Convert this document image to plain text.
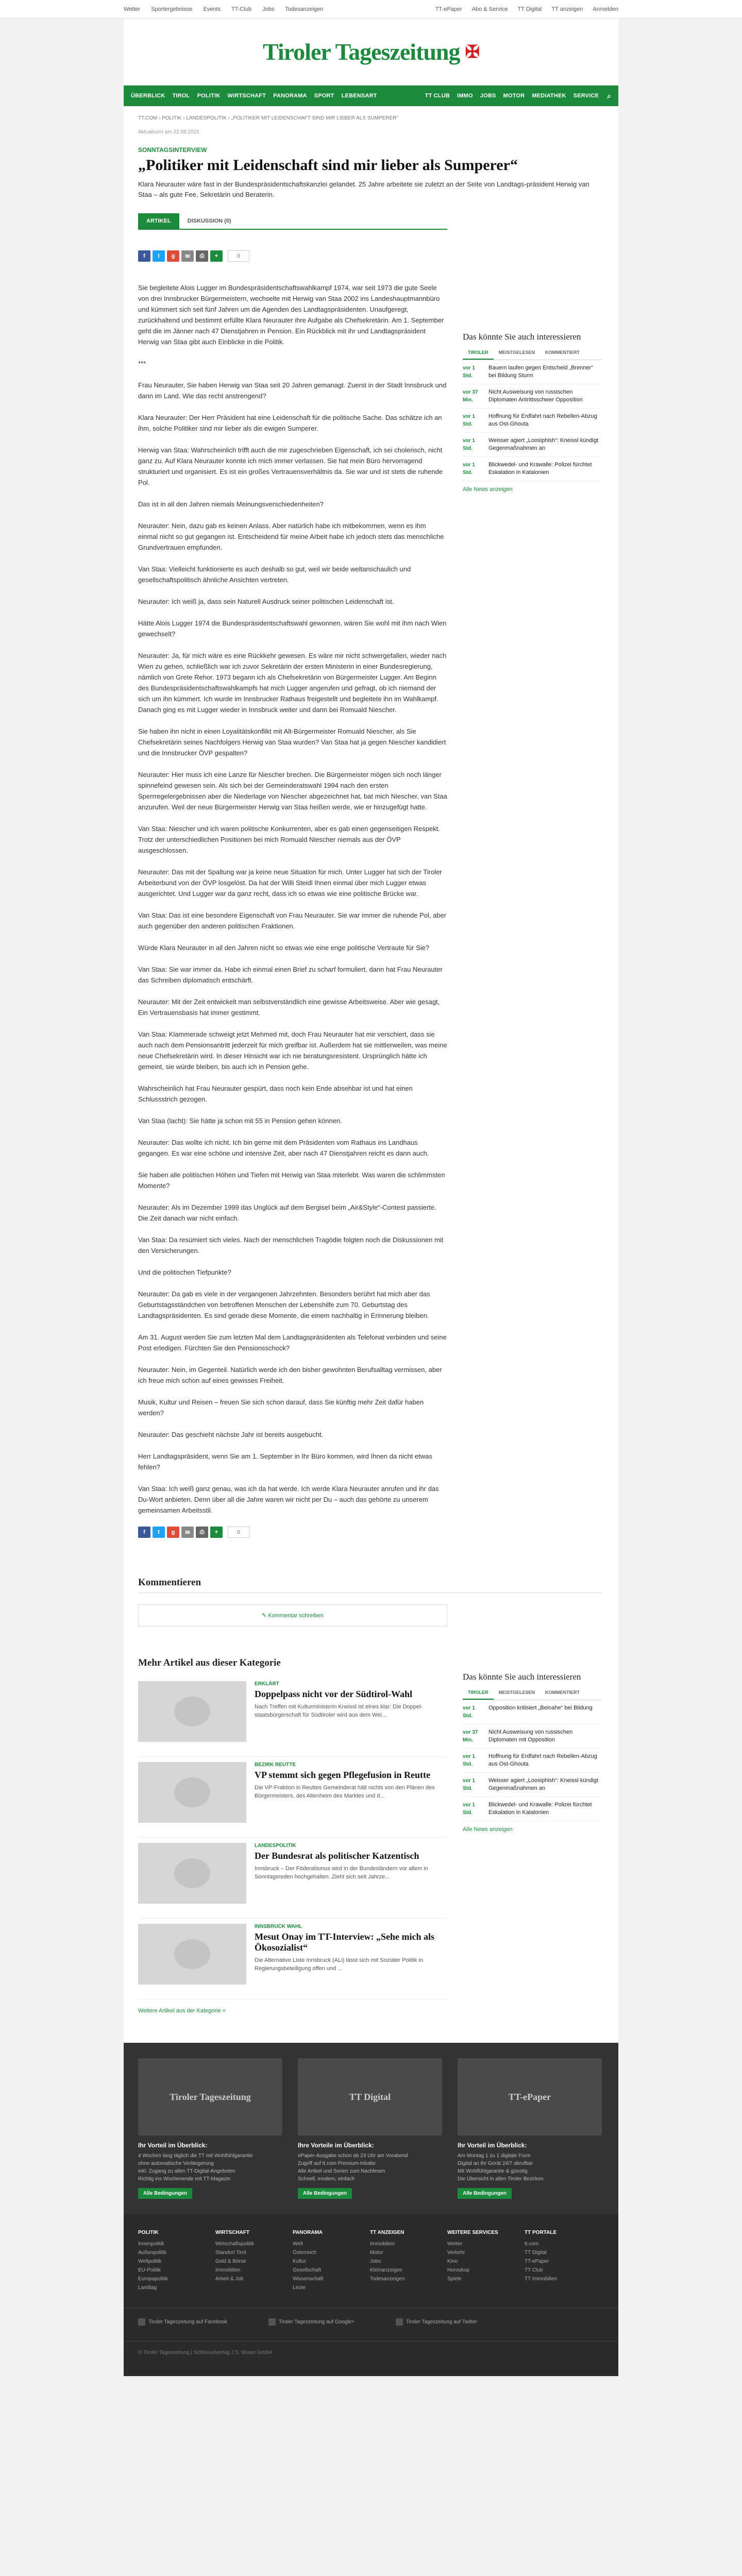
Wetter Sportergebnisse Events TT-Club Jobs Todesanzeigen	TT-ePaper Abo & Service TT Digital TT anzeigen Anmelden
Tiroler Tageszeitung ✠
ÜBERBLICK TIROL POLITIK WIRTSCHAFT PANORAMA SPORT LEBENSART	TT CLUB IMMO JOBS MOTOR MEDIATHEK SERVICE ⌕
TT.COM › POLITIK › LANDESPOLITIK › „POLITIKER MIT LEIDENSCHAFT SIND MIR LIEBER ALS SUMPERER“
Aktualisiert am 22.08.2015
SONNTAGSINTERVIEW
„Politiker mit Leidenschaft sind mir lieber als Sumperer“

Klara Neurauter wäre fast in der Bundespräsidentschaftskanzlei gelandet. 25 Jahre arbeitete sie zuletzt an der Seite von Landtags-präsident Herwig van Staa – als gute Fee, Sekretärin und Beraterin.

ARTIKEL	DISKUSSION (0)
f	t	g	✉	⎙	+	0

Sie begleitete Alois Lugger im Bundespräsidentschaftswahlkampf 1974, war seit 1973 die gute Seele von drei Innsbrucker Bürgermeistern, wechselte mit Herwig van Staa 2002 ins Landeshauptmannbüro und kümmert sich seit fünf Jahren um die Agenden des Landtagspräsidenten. Unaufgeregt, zurückhaltend und bestimmt erfüllte Klara Neurauter ihre Aufgabe als Chefsekretärin. Am 1. September geht die im Jänner nach 47 Dienstjahren in Pension. Ein Rückblick mit ihr und Landtagspräsident Herwig van Staa gibt auch Einblicke in die Politik.

***

Frau Neurauter, Sie haben Herwig van Staa seit 20 Jahren gemanagt. Zuerst in der Stadt Innsbruck und dann im Land. Wie das recht anstrengend?

Klara Neurauter: Der Herr Präsident hat eine Leidenschaft für die politische Sache. Das schätze ich an ihm, solche Politiker sind mir lieber als die ewigen Sumperer.

Herwig van Staa: Wahrscheinlich trifft auch die mir zugeschrieben Eigenschaft, ich sei cholerisch, nicht ganz zu. Auf Klara Neurauter konnte ich mich immer verlassen. Sie hat mein Büro hervorragend strukturiert und organisiert. Es ist ein großes Vertrauensverhältnis da. Sie war und ist stets die ruhende Pol.

Das ist in all den Jahren niemals Meinungsverschiedenheiten?

Neurauter: Nein, dazu gab es keinen Anlass. Aber natürlich habe ich mitbekommen, wenn es ihm einmal nicht so gut gegangen ist. Entscheidend für meine Arbeit habe ich jedoch stets das menschliche Grundvertrauen empfunden.

Van Staa: Vielleicht funktionierte es auch deshalb so gut, weil wir beide weltanschaulich und gesellschaftspolitisch ähnliche Ansichten vertreten.

Neurauter: Ich weiß ja, dass sein Naturell Ausdruck seiner politischen Leidenschaft ist.

Hätte Alois Lugger 1974 die Bundespräsidentschaftswahl gewonnen, wären Sie wohl mit ihm nach Wien gewechselt?

Neurauter: Ja, für mich wäre es eine Rückkehr gewesen. Es wäre mir nicht schwergefallen, wieder nach Wien zu gehen, schließlich war ich zuvor Sekretärin der ersten Ministerin in einer Bundesregierung, nämlich von Grete Rehor. 1973 begann ich als Chefsekretärin von Bürgermeister Lugger. Am Beginn des Bundespräsidentschaftswahlkampfs hat mich Lugger angerufen und gefragt, ob ich niemand der sich um ihn kümmert. Ich wurde im Innsbrucker Rathaus freigestellt und begleitete ihn im Wahlkampf. Danach ging es mit Lugger wieder in Innsbruck weiter und dann bei Romuald Niescher.

Sie haben ihn nicht in einen Loyalitätskonflikt mit Alt-Bürgermeister Romuald Niescher, als Sie Chefsekretärin seines Nachfolgers Herwig van Staa wurden? Van Staa hat ja gegen Niescher kandidiert und die Innsbrucker ÖVP gespalten?

Neurauter: Hier muss ich eine Lanze für Niescher brechen. Die Bürgermeister mögen sich noch länger spinnefeind gewesen sein. Als sich bei der Gemeinderatswahl 1994 nach den ersten Sperrregelergebnissen aber die Niederlage von Niescher abgezeichnet hat, bat mich Niescher, van Staa anzurufen. Weil der neue Bürgermeister Herwig van Staa heißen werde, wie er hinzugefügt hatte.

Van Staa: Niescher und ich waren politische Konkurrenten, aber es gab einen gegenseitigen Respekt. Trotz der unterschiedlichen Positionen bei mich Romuald Niescher niemals aus der ÖVP ausgeschlossen.

Neurauter: Das mit der Spaltung war ja keine neue Situation für mich. Unter Lugger hat sich der Tiroler Arbeiterbund von der ÖVP losgelöst. Da hat der Willi Steidl Ihnen einmal über mich Lugger etwas ausgerichtet. Und Lugger war da ganz recht, dass ich so etwas wie eine politische Brücke war.

Van Staa: Das ist eine besondere Eigenschaft von Frau Neurauter. Sie war immer die ruhende Pol, aber auch gegenüber den anderen politischen Fraktionen.

Würde Klara Neurauter in all den Jahren nicht so etwas wie eine enge politische Vertraute für Sie?

Van Staa: Sie war immer da. Habe ich einmal einen Brief zu scharf formuliert, dann hat Frau Neurauter das Schreiben diplomatisch entschärft.

Neurauter: Mit der Zeit entwickelt man selbstverständlich eine gewisse Arbeitsweise. Aber wie gesagt, Ein Vertrauensbasis hat immer gestimmt.

Van Staa: Klammerade schweigt jetzt Mehmed mit, doch Frau Neurauter hat mir verschiert, dass sie auch nach dem Pensionsantritt jederzeit für mich greifbar ist. Außerdem hat sie mittlerweilen, was meine neue Chefsekretärin wird. In dieser Hinsicht war ich nie beratungsresistent. Ursprünglich hätte ich gemeint, sie würde bleiben, bis auch ich in Pension gehe.

Wahrscheinlich hat Frau Neurauter gespürt, dass noch kein Ende absehbar ist und hat einen Schlussstrich gezogen.

Van Staa (lacht): Sie hätte ja schon mit 55 in Pension gehen können.

Neurauter: Das wollte ich nicht. Ich bin gerne mit dem Präsidenten vom Rathaus ins Landhaus gegangen. Es war eine schöne und intensive Zeit, aber nach 47 Dienstjahren reicht es dann auch.

Sie haben alle politischen Höhen und Tiefen mit Herwig van Staa miterlebt. Was waren die schlimmsten Momente?

Neurauter: Als im Dezember 1999 das Unglück auf dem Bergisel beim „Air&Style“-Contest passierte. Die Zeit danach war nicht einfach.

Van Staa: Da resümiert sich vieles. Nach der menschlichen Tragödie folgten noch die Diskussionen mit den Versicherungen.

Und die politischen Tiefpunkte?

Neurauter: Da gab es viele in der vergangenen Jahrzehnten. Besonders berührt hat mich aber das Geburtstagsständchen von betroffenen Menschen der Lebenshilfe zum 70. Geburtstag des Landtagspräsidenten. Es sind gerade diese Momente, die einem nachhaltig in Erinnerung bleiben.

Am 31. August werden Sie zum letzten Mal dem Landtagspräsidenten als Telefonat verbinden und seine Post erledigen. Fürchten Sie den Pensionsschock?

Neurauter: Nein, im Gegenteil. Natürlich werde ich den bisher gewohnten Berufsalltag vermissen, aber ich freue mich schon auf eines gewisses Freiheit.

Musik, Kultur und Reisen – freuen Sie sich schon darauf, dass Sie künftig mehr Zeit dafür haben werden?

Neurauter: Das geschieht nächste Jahr ist bereits ausgebucht.

Herr Landtagspräsident, wenn Sie am 1. September in Ihr Büro kommen, wird Ihnen da nicht etwas fehlen?

Van Staa: Ich weiß ganz genau, was ich da hat werde. Ich werde Klara Neurauter anrufen und ihr das Du-Wort anbieten. Denn über all die Jahre waren wir nicht per Du – auch das gehörte zu unserem gemeinsamen Arbeitsstil.

f	t	g	✉	⎙	+	0
Das könnte Sie auch interessieren
TIROLER	MEISTGELESEN	KOMMENTIERT
vor 1 Std.
Bauern laufen gegen Entscheid „Brenner“ bei Bildung Sturm
vor 37 Min.
Nicht Ausweisung von russischen Diplomaten Antrittsschwer Opposition
vor 1 Std.
Hoffnung für Erdfahrt nach Rebellen-Abzug aus Ost-Ghouta
vor 1 Std.
Weisser agiert „Loosiphish“: Kneissl kündigt Gegenmaßnahmen an
vor 1 Std.
Blickwedel- und Krawalle: Polizei fürchtet Eskalation in Katalonien
Alle News anzeigen
Kommentieren
✎ Kommentar schreiben
Mehr Artikel aus dieser Kategorie
ERKLÄRT
Doppelpass nicht vor der Südtirol-Wahl
Nach Treffen mit Kulturministerin Kneissl ist eines klar: Die Doppel-staatsbürgerschaft für Südtiroler wird aus dem Wei...
BEZIRK REUTTE
VP stemmt sich gegen Pflegefusion in Reutte
Die VP-Fraktion in Reuttes Gemeinderat hält nichts von den Plänen des Bürgermeisters, des Altenheim des Marktes und d...
LANDESPOLITIK
Der Bundesrat als politischer Katzentisch
Innsbruck – Der Föderalismus wird in der Bundesländern vor allem in Sonntagsreden hochgehalten. Zieht sich seit Jahrze...
INNSBRUCK WAHL
Mesut Onay im TT-Interview: „Sehe mich als Ökosozialist“
Die Alternative Liste Innsbruck (ALi) lässt sich mit Sozialer Politik in Regierungsbeteiligung offen und ...
Weitere Artikel aus der Kategorie »
Das könnte Sie auch interessieren
TIROLER	MEISTGELESEN	KOMMENTIERT
vor 1 Std.
Opposition kritisiert „Beinahe“ bei Bildung
vor 37 Min.
Nicht Ausweisung von russischen Diplomaten mit Opposition
vor 1 Std.
Hoffnung für Erdfahrt nach Rebellen-Abzug aus Ost-Ghouta
vor 1 Std.
Weisser agiert „Loosiphish“: Kneissl kündigt Gegenmaßnahmen an
vor 1 Std.
Blickwedel- und Krawalle: Polizei fürchtet Eskalation in Katalonien
Alle News anzeigen
Tiroler Tageszeitung
Ihr Vorteil im Überblick:
4 Wochen lang täglich die TT mit Wohlfühlgarantie
ohne automatische Verlängerung
inkl. Zugang zu allen TT-Digital-Angeboten
Richtig ins Wochenende mit TT-Magazin
Alle Bedingungen
TT Digital
Ihre Vorteile im Überblick:
ePaper-Ausgabe schon ab 23 Uhr am Vorabend
Zugriff auf tt.com Premium-Inhalte
Alle Artikel und Serien zum Nachlesen
Schnell, modern, einfach
Alle Bedingungen
TT-ePaper
Ihr Vorteil im Überblick:
Am Montag 1 zu 1 digitale Form
Digital an Ihr Gerät 24/7 abrufbar
Mit Wohlfühlgarantie & günstig
Die Übersicht in allen Tiroler Bezirken
Alle Bedingungen
POLITIK
Innenpolitik
Außenpolitik
Weltpolitik
EU-Politik
Europapolitik
Landtag
WIRTSCHAFT
Wirtschaftspolitik
Standort Tirol
Geld & Börse
Immobilien
Arbeit & Job
PANORAMA
Welt
Österreich
Kultur
Gesellschaft
Wissenschaft
Leute
TT ANZEIGEN
Immobilien
Motor
Jobs
Kleinanzeigen
Todesanzeigen
WEITERE SERVICES
Wetter
Verkehr
Kino
Horoskop
Spiele
TT PORTALE
tt.com
TT Digital
TT-ePaper
TT Club
TT Immobilien
Tiroler Tageszeitung auf Facebook	Tiroler Tageszeitung auf Google+	Tiroler Tageszeitung auf Twitter
© Tiroler Tageszeitung | Schlüsselverlag J.S. Moser GmbH
